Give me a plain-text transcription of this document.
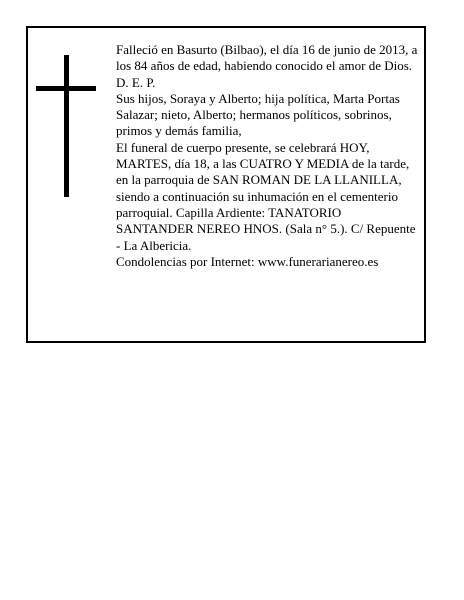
Falleció en Basurto (Bilbao), el día 16 de junio de 2013, a los 84 años de edad, habiendo conocido el amor de Dios.

D. E. P.

Sus hijos, Soraya y Alberto; hija política, Marta Portas Salazar; nieto, Alberto; hermanos políticos, sobrinos, primos y demás familia,

El funeral de cuerpo presente, se celebrará HOY, MARTES, día 18, a las CUATRO Y MEDIA de la tarde, en la parroquia de SAN ROMAN DE LA LLANILLA, siendo a continuación su inhumación en el cementerio parroquial. Capilla Ardiente: TANATORIO SANTANDER NEREO HNOS. (Sala n° 5.). C/ Repuente - La Albericia.

Condolencias por Internet: www.funerarianereo.es
